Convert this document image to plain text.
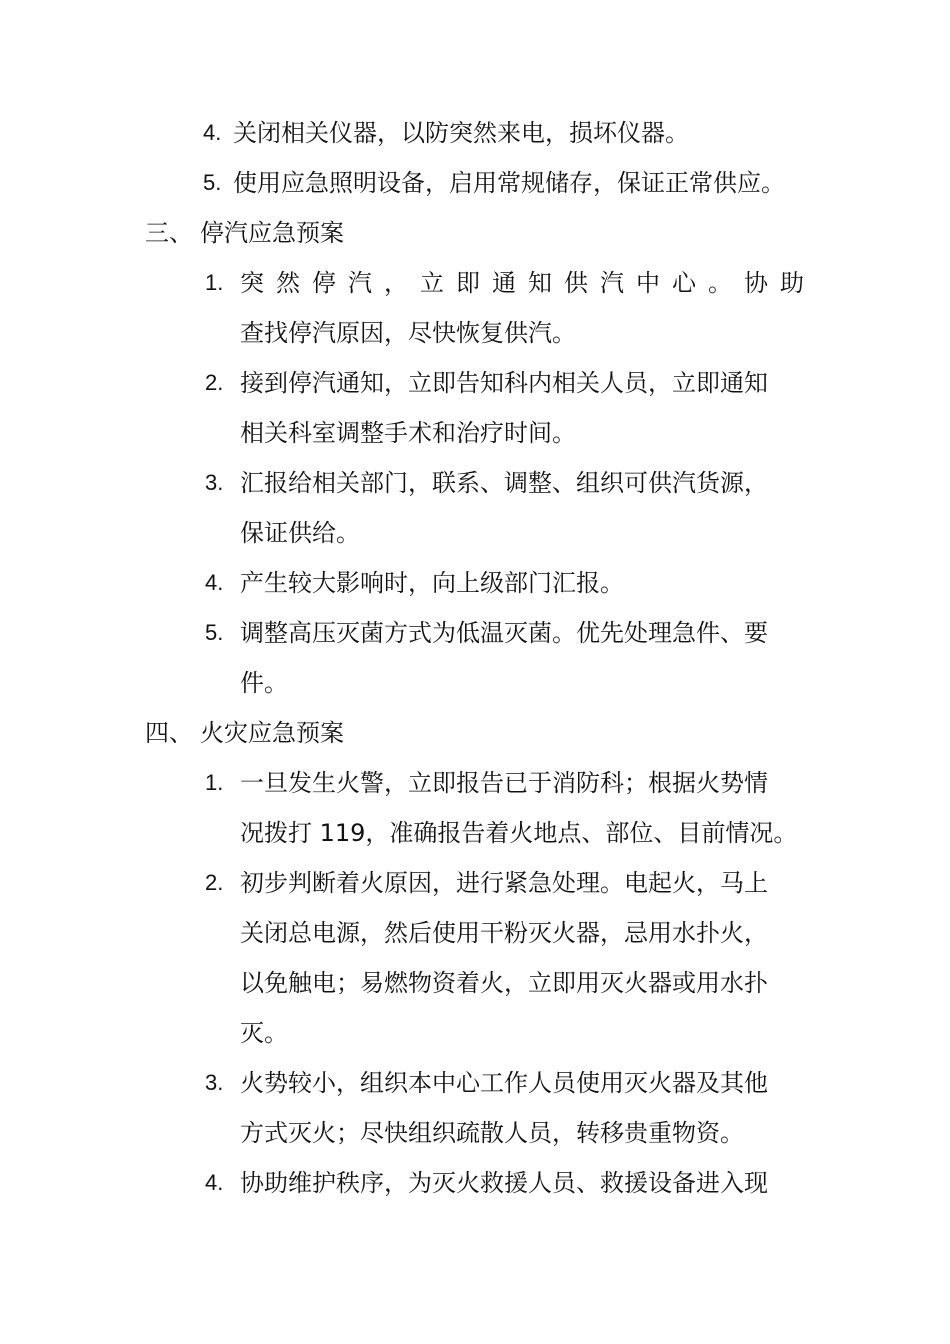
4. 关闭相关仪器，以防突然来电，损坏仪器。
5. 使用应急照明设备，启用常规储存，保证正常供应。
三、 停汽应急预案
1. 突然停汽，立即通知供汽中心。协助
查找停汽原因，尽快恢复供汽。
2. 接到停汽通知，立即告知科内相关人员，立即通知
相关科室调整手术和治疗时间。
3. 汇报给相关部门，联系、调整、组织可供汽货源，
保证供给。
4. 产生较大影响时，向上级部门汇报。
5. 调整高压灭菌方式为低温灭菌。优先处理急件、要
件。
四、 火灾应急预案
1. 一旦发生火警，立即报告已于消防科；根据火势情
况拨打 119，准确报告着火地点、部位、目前情况。
2. 初步判断着火原因，进行紧急处理。电起火，马上
关闭总电源，然后使用干粉灭火器，忌用水扑火，
以免触电；易燃物资着火，立即用灭火器或用水扑
灭。
3. 火势较小，组织本中心工作人员使用灭火器及其他
方式灭火；尽快组织疏散人员，转移贵重物资。
4. 协助维护秩序，为灭火救援人员、救援设备进入现
